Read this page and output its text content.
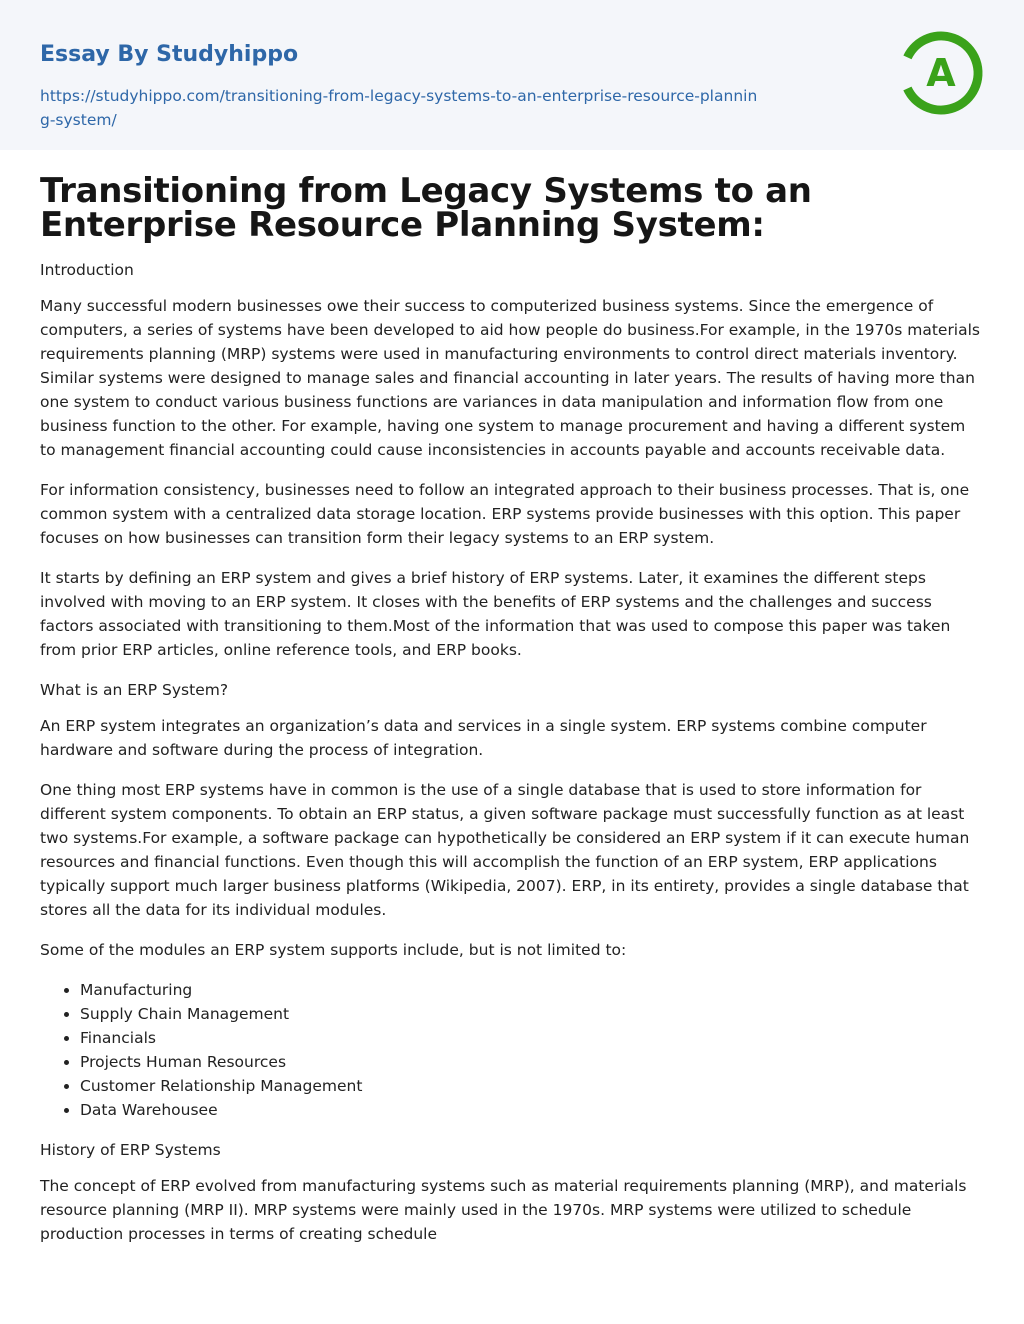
Essay By Studyhippo
https://studyhippo.com/transitioning-from-legacy-systems-to-an-enterprise-resource-planning-system/
A
Transitioning from Legacy Systems to an Enterprise Resource Planning System:

Introduction

Many successful modern businesses owe their success to computerized business systems. Since the emergence of computers, a series of systems have been developed to aid how people do business.For example, in the 1970s materials requirements planning (MRP) systems were used in manufacturing environments to control direct materials inventory. Similar systems were designed to manage sales and financial accounting in later years. The results of having more than one system to conduct various business functions are variances in data manipulation and information flow from one business function to the other. For example, having one system to manage procurement and having a different system to management financial accounting could cause inconsistencies in accounts payable and accounts receivable data.

For information consistency, businesses need to follow an integrated approach to their business processes. That is, one common system with a centralized data storage location. ERP systems provide businesses with this option. This paper focuses on how businesses can transition form their legacy systems to an ERP system.

It starts by defining an ERP system and gives a brief history of ERP systems. Later, it examines the different steps involved with moving to an ERP system. It closes with the benefits of ERP systems and the challenges and success factors associated with transitioning to them.Most of the information that was used to compose this paper was taken from prior ERP articles, online reference tools, and ERP books.

What is an ERP System?

An ERP system integrates an organization’s data and services in a single system. ERP systems combine computer hardware and software during the process of integration.

One thing most ERP systems have in common is the use of a single database that is used to store information for different system components. To obtain an ERP status, a given software package must successfully function as at least two systems.For example, a software package can hypothetically be considered an ERP system if it can execute human resources and financial functions. Even though this will accomplish the function of an ERP system, ERP applications typically support much larger business platforms (Wikipedia, 2007). ERP, in its entirety, provides a single database that stores all the data for its individual modules.

Some of the modules an ERP system supports include, but is not limited to:

• Manufacturing
• Supply Chain Management
• Financials
• Projects Human Resources
• Customer Relationship Management
• Data Warehousee

History of ERP Systems

The concept of ERP evolved from manufacturing systems such as material requirements planning (MRP), and materials resource planning (MRP II). MRP systems were mainly used in the 1970s. MRP systems were utilized to schedule production processes in terms of creating schedule
